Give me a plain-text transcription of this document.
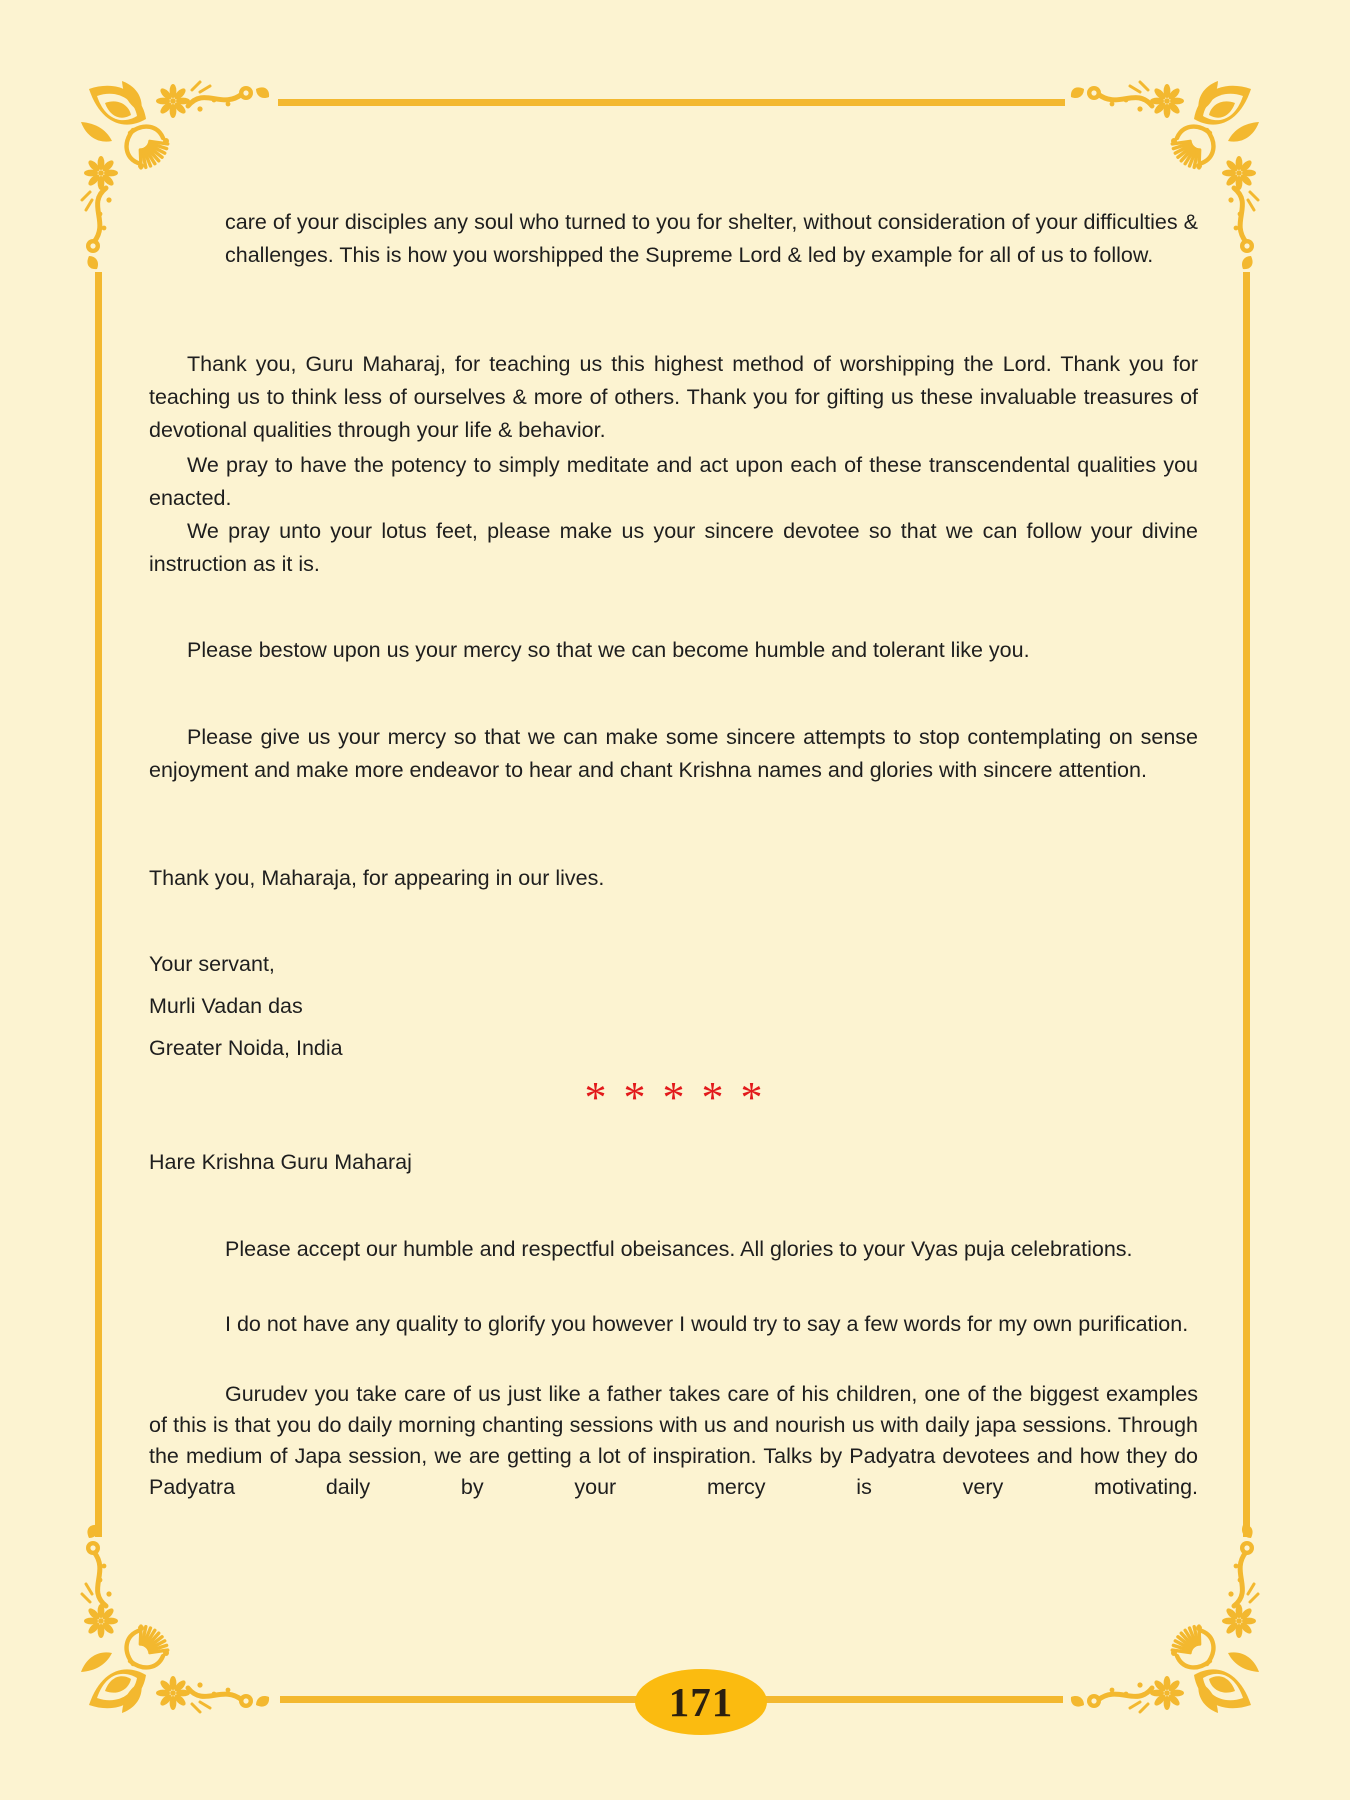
care of your disciples any soul who turned to you for shelter, without consideration of your difficulties & challenges. This is how you worshipped the Supreme Lord & led by example for all of us to follow.
Thank you, Guru Maharaj, for teaching us this highest method of worshipping the Lord. Thank you for teaching us to think less of ourselves & more of others. Thank you for gifting us these invaluable treasures of devotional qualities through your life & behavior.
We pray to have the potency to simply meditate and act upon each of these transcendental qualities you enacted.
We pray unto your lotus feet, please make us your sincere devotee so that we can follow your divine instruction as it is.
Please bestow upon us your mercy so that we can become humble and tolerant like you.
Please give us your mercy so that we can make some sincere attempts to stop contemplating on sense enjoyment and make more endeavor to hear and chant Krishna names and glories with sincere attention.
Thank you, Maharaja, for appearing in our lives.
Your servant,
Murli Vadan das
Greater Noida, India
* * * * *
Hare Krishna Guru Maharaj
Please accept our humble and respectful obeisances. All glories to your Vyas puja celebrations.
I do not have any quality to glorify you however I would try to say a few words for my own purification.
Gurudev you take care of us just like a father takes care of his children, one of the biggest examples of this is that you do daily morning chanting sessions with us and nourish us with daily japa sessions. Through the medium of Japa session, we are getting a lot of inspiration. Talks by Padyatra devotees and how they do Padyatra daily by your mercy is very motivating.
171
